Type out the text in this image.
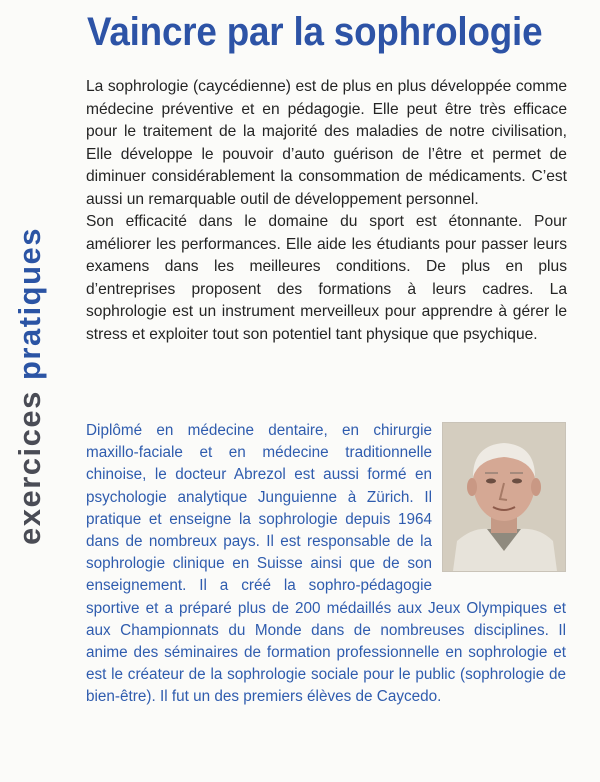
exercices pratiques
Vaincre par la sophrologie

La sophrologie (caycédienne) est de plus en plus développée comme médecine préventive et en pédagogie. Elle peut être très efficace pour le traitement de la majorité des maladies de notre civilisation, Elle développe le pouvoir d’auto guérison de l’être et permet de diminuer considérablement la consommation de médicaments. C’est aussi un remarquable outil de développement personnel.

Son efficacité dans le domaine du sport est étonnante. Pour améliorer les performances. Elle aide les étudiants pour passer leurs examens dans les meilleures conditions. De plus en plus d’entreprises proposent des formations à leurs cadres. La sophrologie est un instrument merveilleux pour apprendre à gérer le stress et exploiter tout son potentiel tant physique que psychique.

Diplômé en médecine dentaire, en chirurgie maxillo-faciale et en médecine traditionnelle chinoise, le docteur Abrezol est aussi formé en psychologie analytique Junguienne à Zürich. Il pratique et enseigne la sophrologie depuis 1964 dans de nombreux pays. Il est responsable de la sophrologie clinique en Suisse ainsi que de son enseignement. Il a créé la sophro-pédagogie sportive et a préparé plus de 200 médaillés aux Jeux Olympiques et aux Championnats du Monde dans de nombreuses disciplines. Il anime des séminaires de formation professionnelle en sophrologie et est le créateur de la sophrologie sociale pour le public (sophrologie de bien-être). Il fut un des premiers élèves de Caycedo.
